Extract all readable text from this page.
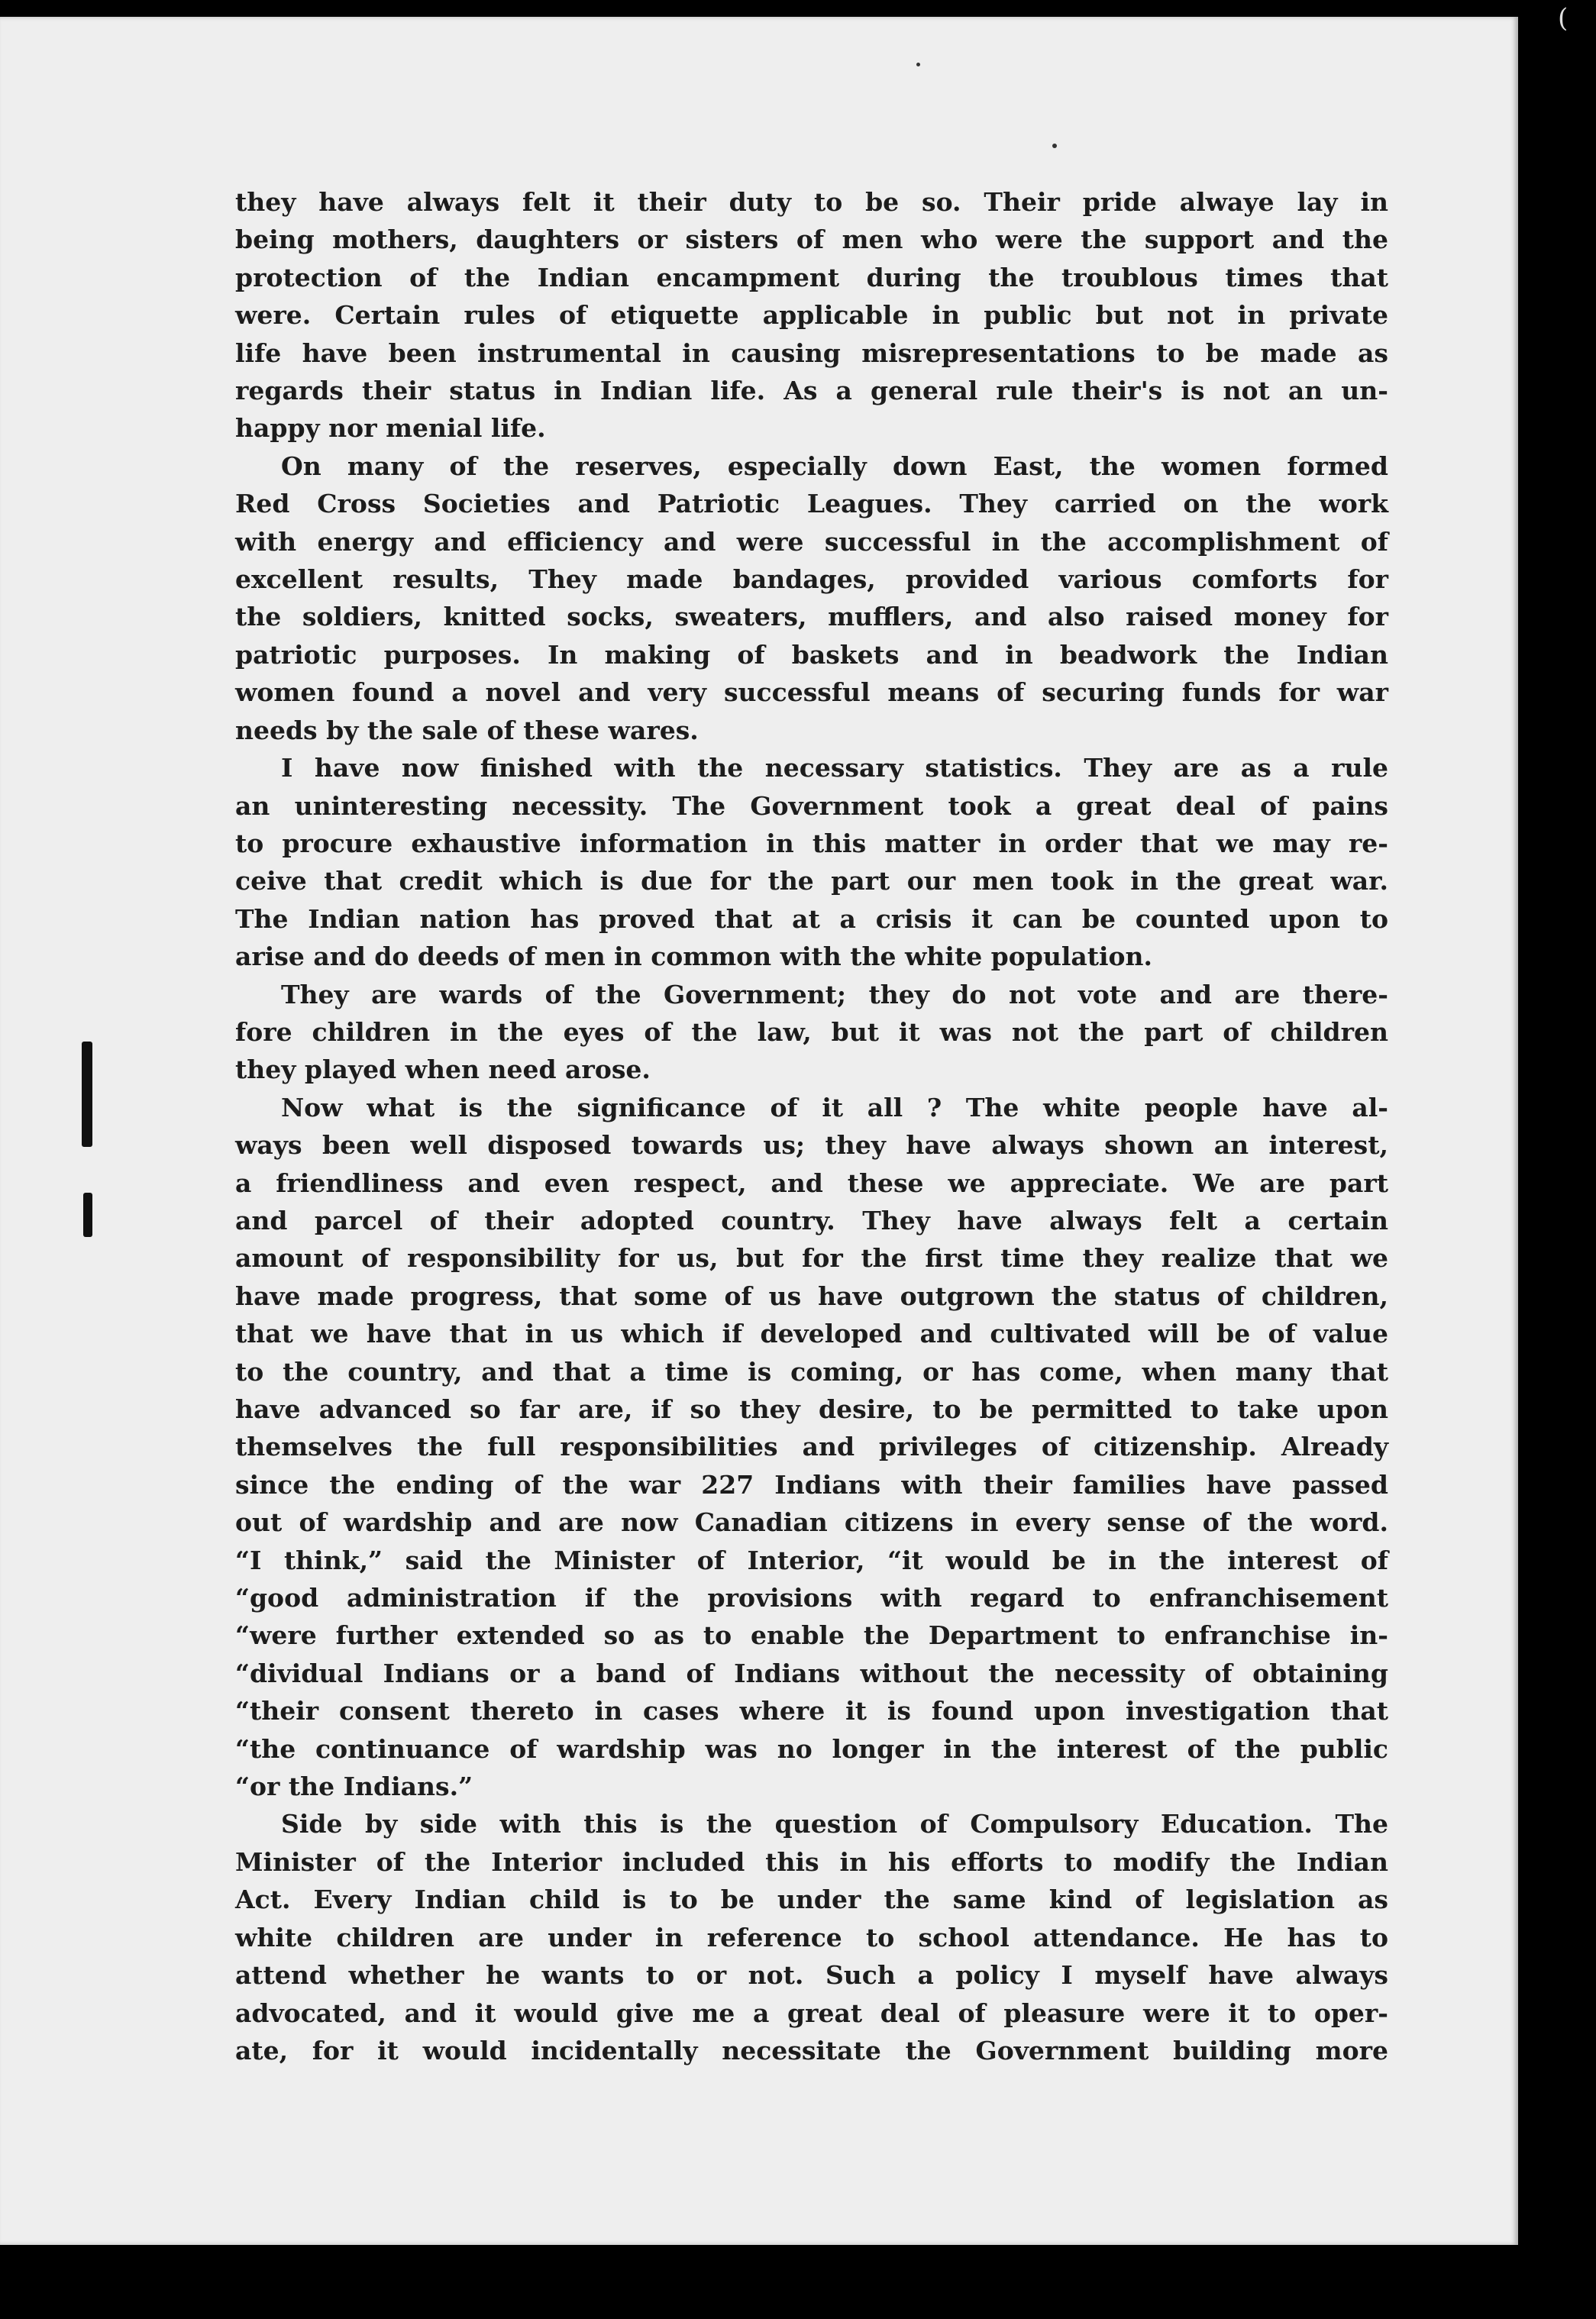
they have always felt it their duty to be so. Their pride alwaye lay in
being mothers, daughters or sisters of men who were the support and the
protection of the Indian encampment during the troublous times that
were. Certain rules of etiquette applicable in public but not in private
life have been instrumental in causing misrepresentations to be made as
regards their status in Indian life. As a general rule their's is not an un-
happy nor menial life.
On many of the reserves, especially down East, the women formed
Red Cross Societies and Patriotic Leagues. They carried on the work
with energy and efficiency and were successful in the accomplishment of
excellent results, They made bandages, provided various comforts for
the soldiers, knitted socks, sweaters, mufflers, and also raised money for
patriotic purposes. In making of baskets and in beadwork the Indian
women found a novel and very successful means of securing funds for war
needs by the sale of these wares.
I have now finished with the necessary statistics. They are as a rule
an uninteresting necessity. The Government took a great deal of pains
to procure exhaustive information in this matter in order that we may re-
ceive that credit which is due for the part our men took in the great war.
The Indian nation has proved that at a crisis it can be counted upon to
arise and do deeds of men in common with the white population.
They are wards of the Government; they do not vote and are there-
fore children in the eyes of the law, but it was not the part of children
they played when need arose.
Now what is the significance of it all ? The white people have al-
ways been well disposed towards us; they have always shown an interest,
a friendliness and even respect, and these we appreciate. We are part
and parcel of their adopted country. They have always felt a certain
amount of responsibility for us, but for the first time they realize that we
have made progress, that some of us have outgrown the status of children,
that we have that in us which if developed and cultivated will be of value
to the country, and that a time is coming, or has come, when many that
have advanced so far are, if so they desire, to be permitted to take upon
themselves the full responsibilities and privileges of citizenship. Already
since the ending of the war 227 Indians with their families have passed
out of wardship and are now Canadian citizens in every sense of the word.
“I think,” said the Minister of Interior, “it would be in the interest of
“good administration if the provisions with regard to enfranchisement
“were further extended so as to enable the Department to enfranchise in-
“dividual Indians or a band of Indians without the necessity of obtaining
“their consent thereto in cases where it is found upon investigation that
“the continuance of wardship was no longer in the interest of the public
“or the Indians.”
Side by side with this is the question of Compulsory Education. The
Minister of the Interior included this in his efforts to modify the Indian
Act. Every Indian child is to be under the same kind of legislation as
white children are under in reference to school attendance. He has to
attend whether he wants to or not. Such a policy I myself have always
advocated, and it would give me a great deal of pleasure were it to oper-
ate, for it would incidentally necessitate the Government building more
(
